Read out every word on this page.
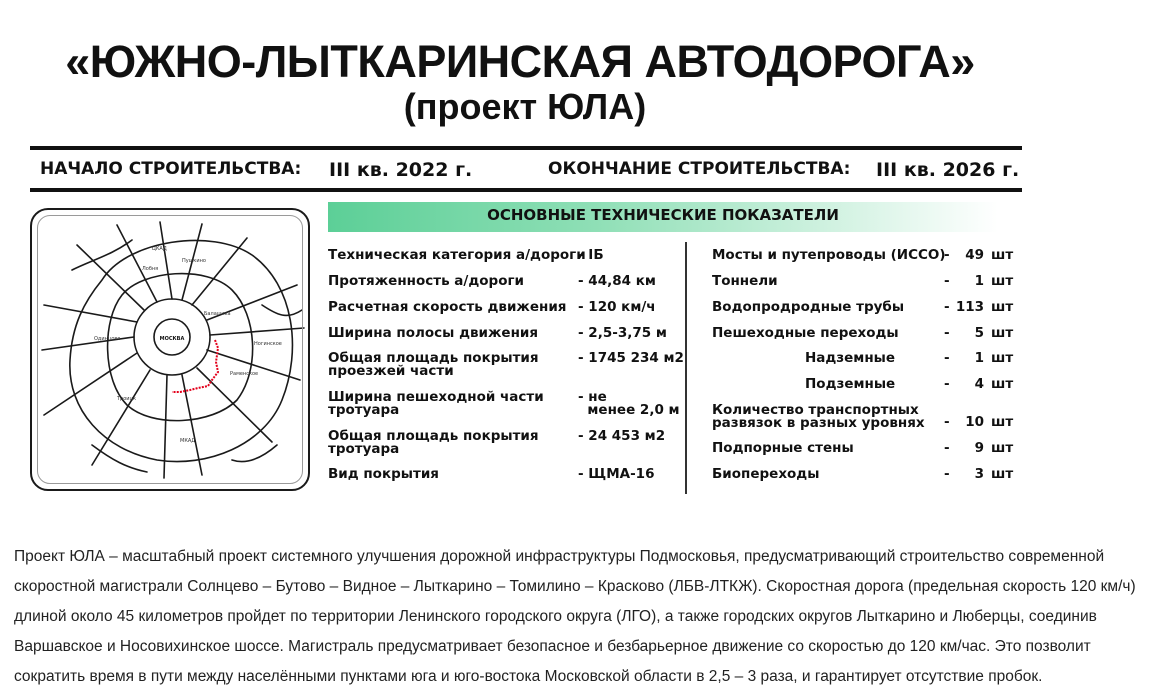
«ЮЖНО-ЛЫТКАРИНСКАЯ АВТОДОРОГА»
(проект ЮЛА)
НАЧАЛО СТРОИТЕЛЬСТВА: III кв. 2022 г.	ОКОНЧАНИЕ СТРОИТЕЛЬСТВА: III кв. 2026 г.
МОСКВА
Пушкино
Лобня
Балашиха
Одинцово
Раменское
Троицк
Ногинское
ЦКАД
МКАД
ОСНОВНЫЕ ТЕХНИЧЕСКИЕ ПОКАЗАТЕЛИ
Техническая категория а/дороги
- IБ
Протяженность а/дороги	- 44,84 км
Расчетная скорость движения - 120 км/ч
Ширина полосы движения	- 2,5-3,75 м
Общая площадь покрытия
проезжей части
- 1745 234 м2
Ширина пешеходной части
тротуара
- не
менее 2,0 м
Общая площадь покрытия
тротуара
- 24 453 м2
Вид покрытия	- ЩМА-16
Мосты и путепроводы (ИССО)
- 49 шт
Тоннели	- 1 шт
Водопродродные трубы	- 113 шт
Пешеходные переходы	- 5 шт
Надземные	- 1 шт
Подземные	- 4 шт
Количество транспортных
развязок в разных уровнях - 10 шт
Подпорные стены	- 9 шт
Биопереходы	- 3 шт
Проект ЮЛА – масштабный проект системного улучшения дорожной инфраструктуры Подмосковья, предусматривающий строительство современной скоростной магистрали Солнцево – Бутово – Видное – Лыткарино – Томилино – Красково (ЛБВ-ЛТКЖ). Скоростная дорога (предельная скорость 120 км/ч) длиной около 45 километров пройдет по территории Ленинского городского округа (ЛГО), а также городских округов Лыткарино и Люберцы, соединив Варшавское и Носовихинское шоссе. Магистраль предусматривает безопасное и безбарьерное движение со скоростью до 120 км/час. Это позволит сократить время в пути между населёнными пунктами юга и юго-востока Московской области в 2,5 – 3 раза, и гарантирует отсутствие пробок.
